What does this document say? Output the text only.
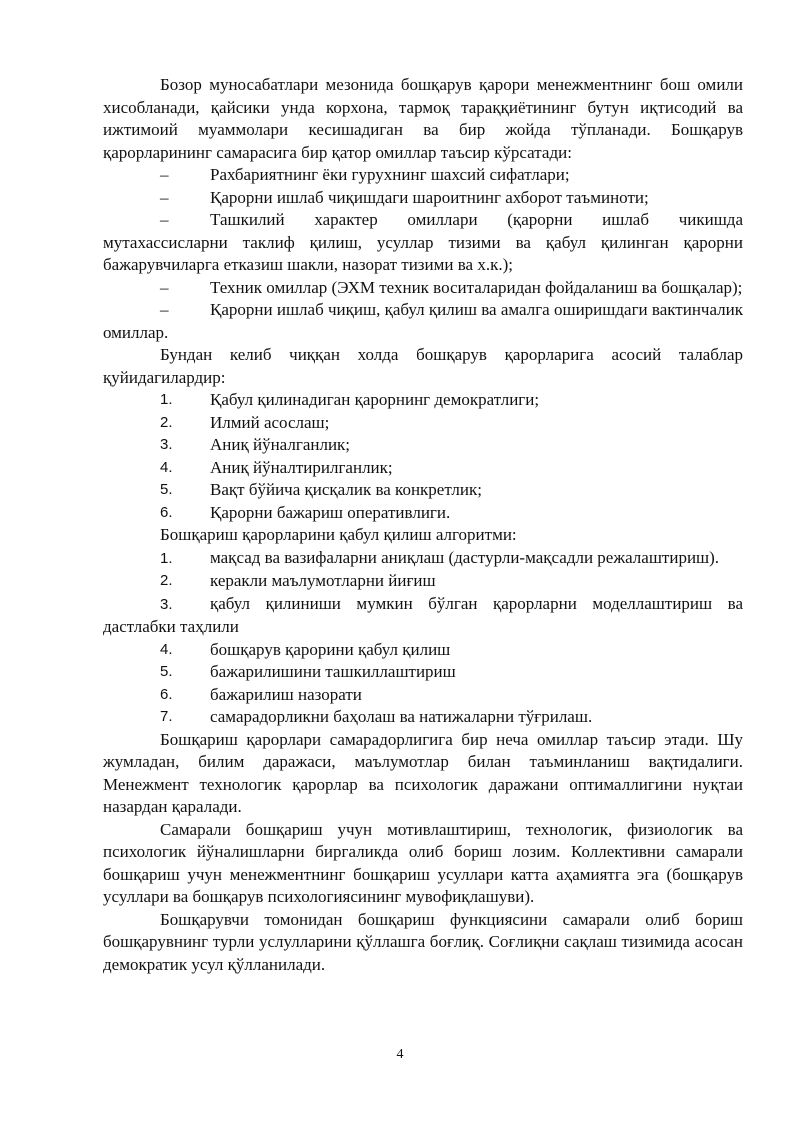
Бозор муносабатлари мезонида бошқарув қарори менежментнинг бош омили хисобланади, қайсики унда корхона, тармоқ тарaққиётининг бутун иқтисодий ва ижтимоий муаммолари кесишадиган ва бир жойда тўпланади. Бошқарув қарорларининг самарасига бир қатор омиллар таъсир кўрсатади:

–	Рахбариятнинг ёки гурухнинг шахсий сифатлари;
–	Қарорни ишлаб чиқишдаги шароитнинг ахборот таъминоти;

– Ташкилий характер омиллари (қарорни ишлаб чикишда мутахассисларни таклиф қилиш, усуллар тизими ва қабул қилинган қарорни бажарувчиларга етказиш шакли, назорат тизими ва х.к.);

– Техник омиллар (ЭХМ техник воситаларидан фойдаланиш ва бошқалар);

– Қарорни ишлаб чиқиш, қабул қилиш ва амалга оширишдаги вактинчалик омиллар.

Бундан келиб чиққан холда бошқарув қарорларига асосий талаблар қуйидагилардир:

1.	Қабул қилинадиган қарорнинг демократлиги;
2.	Илмий асослаш;
3.	Аниқ йўналганлик;
4.	Аниқ йўналтирилганлик;
5.	Вақт бўйича қисқалик ва конкретлик;
6.	Қарорни бажариш оперативлиги.

Бошқариш қарорларини қабул қилиш алгоритми:

1. мақсад ва вазифаларни аниқлаш (дастурли-мақсадли режалаштириш).

2.	керакли маълумотларни йиғиш

3. қабул қилиниши мумкин бўлган қарорларни моделлаштириш ва дастлабки таҳлили

4.	бошқарув қарорини қабул қилиш
5.	бажарилишини ташкиллаштириш
6.	бажарилиш назорати
7.	самарадорликни баҳолаш ва натижаларни тўғрилаш.

Бошқариш қарорлари самарадорлигига бир неча омиллар таъсир этади. Шу жумладан, билим даражаси, маълумотлар билан таъминланиш вақтидалиги. Менежмент технологик қарорлар ва психологик даражани оптималлигини нуқтаи назардан қаралади.

Самарали бошқариш учун мотивлаштириш, технологик, физиологик ва психологик йўналишларни биргаликда олиб бориш лозим. Коллективни самарали бошқариш учун менежментнинг бошқариш усуллари катта аҳамиятга эга (бошқарув усуллари ва бошқарув психологиясининг мувофиқлашуви).

Бошқарувчи томонидан бошқариш функциясини самарали олиб бориш бошқарувнинг турли услулларини қўллашга боғлиқ. Соғлиқни сақлаш тизимида асосан демократик усул қўлланилади.

4
